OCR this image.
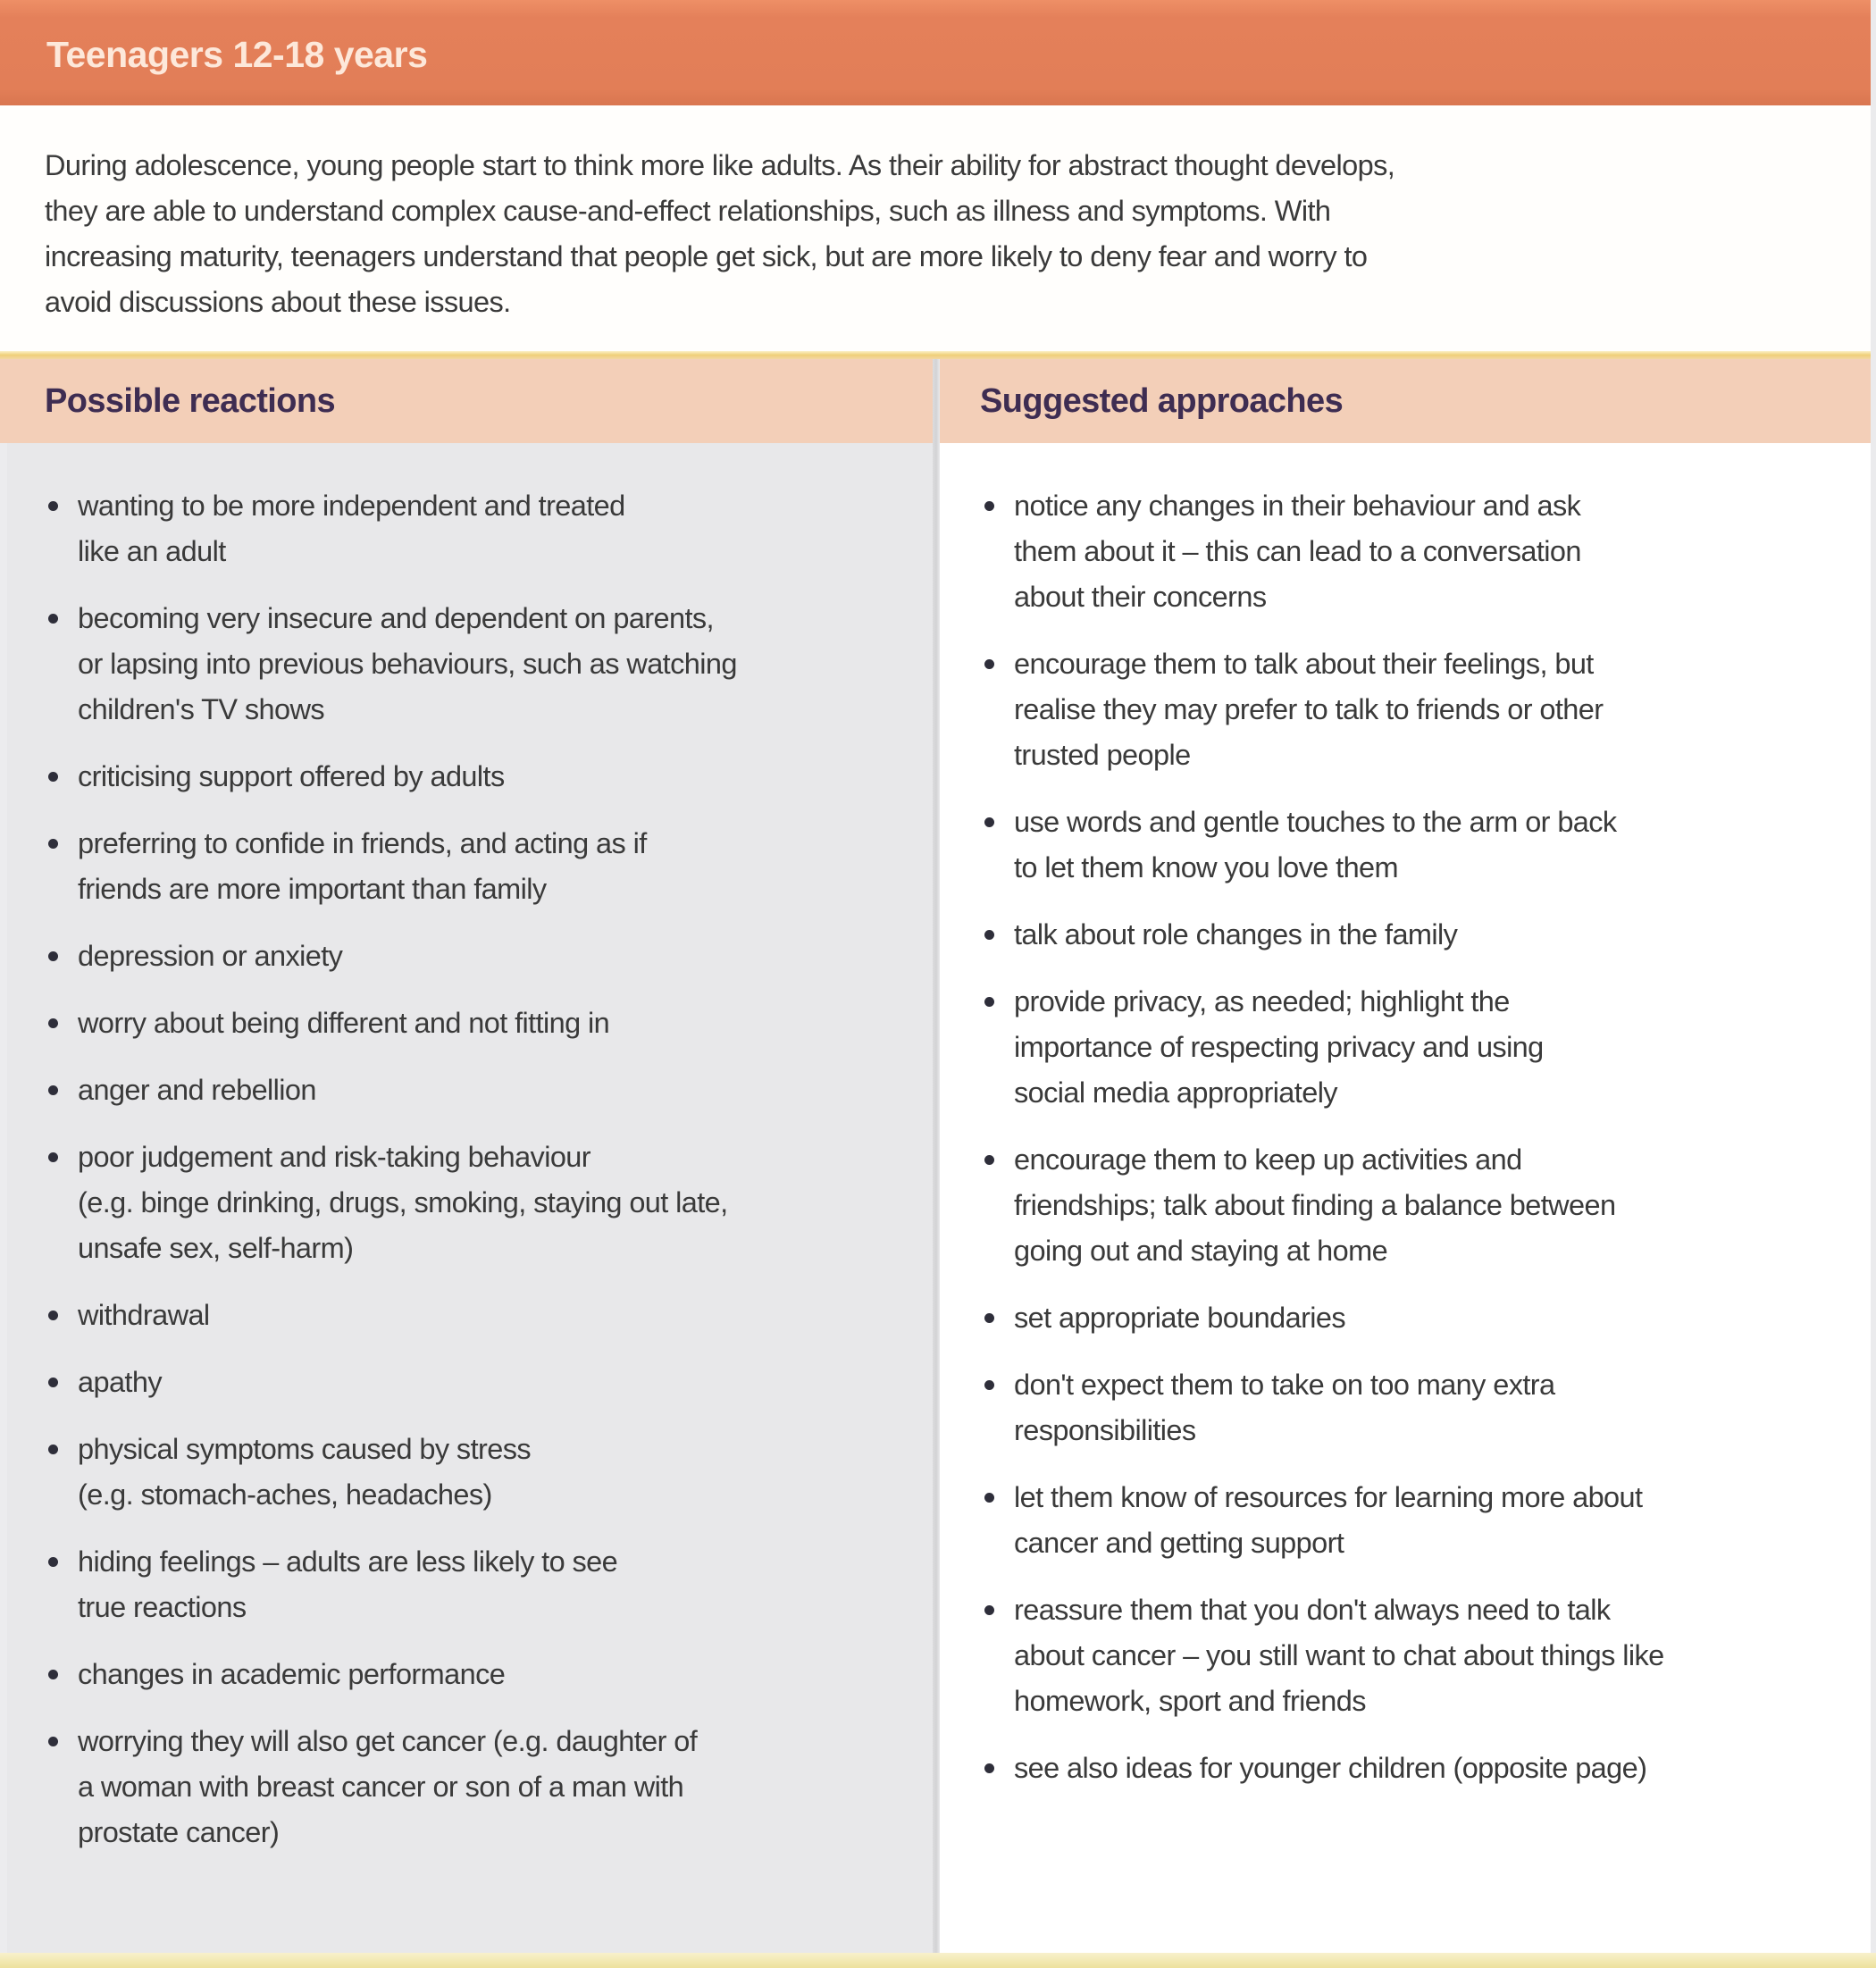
Teenagers 12-18 years
During adolescence, young people start to think more like adults. As their ability for abstract thought develops,
they are able to understand complex cause-and-effect relationships, such as illness and symptoms. With
increasing maturity, teenagers understand that people get sick, but are more likely to deny fear and worry to
avoid discussions about these issues.
Possible reactions	Suggested approaches
wanting to be more independent and treated
like an adult
becoming very insecure and dependent on parents,
or lapsing into previous behaviours, such as watching
children's TV shows
criticising support offered by adults
preferring to confide in friends, and acting as if
friends are more important than family
depression or anxiety
worry about being different and not fitting in
anger and rebellion
poor judgement and risk-taking behaviour
(e.g. binge drinking, drugs, smoking, staying out late,
unsafe sex, self-harm)
withdrawal
apathy
physical symptoms caused by stress
(e.g. stomach-aches, headaches)
hiding feelings – adults are less likely to see
true reactions
changes in academic performance
worrying they will also get cancer (e.g. daughter of
a woman with breast cancer or son of a man with
prostate cancer)
notice any changes in their behaviour and ask
them about it – this can lead to a conversation
about their concerns
encourage them to talk about their feelings, but
realise they may prefer to talk to friends or other
trusted people
use words and gentle touches to the arm or back
to let them know you love them
talk about role changes in the family
provide privacy, as needed; highlight the
importance of respecting privacy and using
social media appropriately
encourage them to keep up activities and
friendships; talk about finding a balance between
going out and staying at home
set appropriate boundaries
don't expect them to take on too many extra
responsibilities
let them know of resources for learning more about
cancer and getting support
reassure them that you don't always need to talk
about cancer – you still want to chat about things like
homework, sport and friends
see also ideas for younger children (opposite page)
